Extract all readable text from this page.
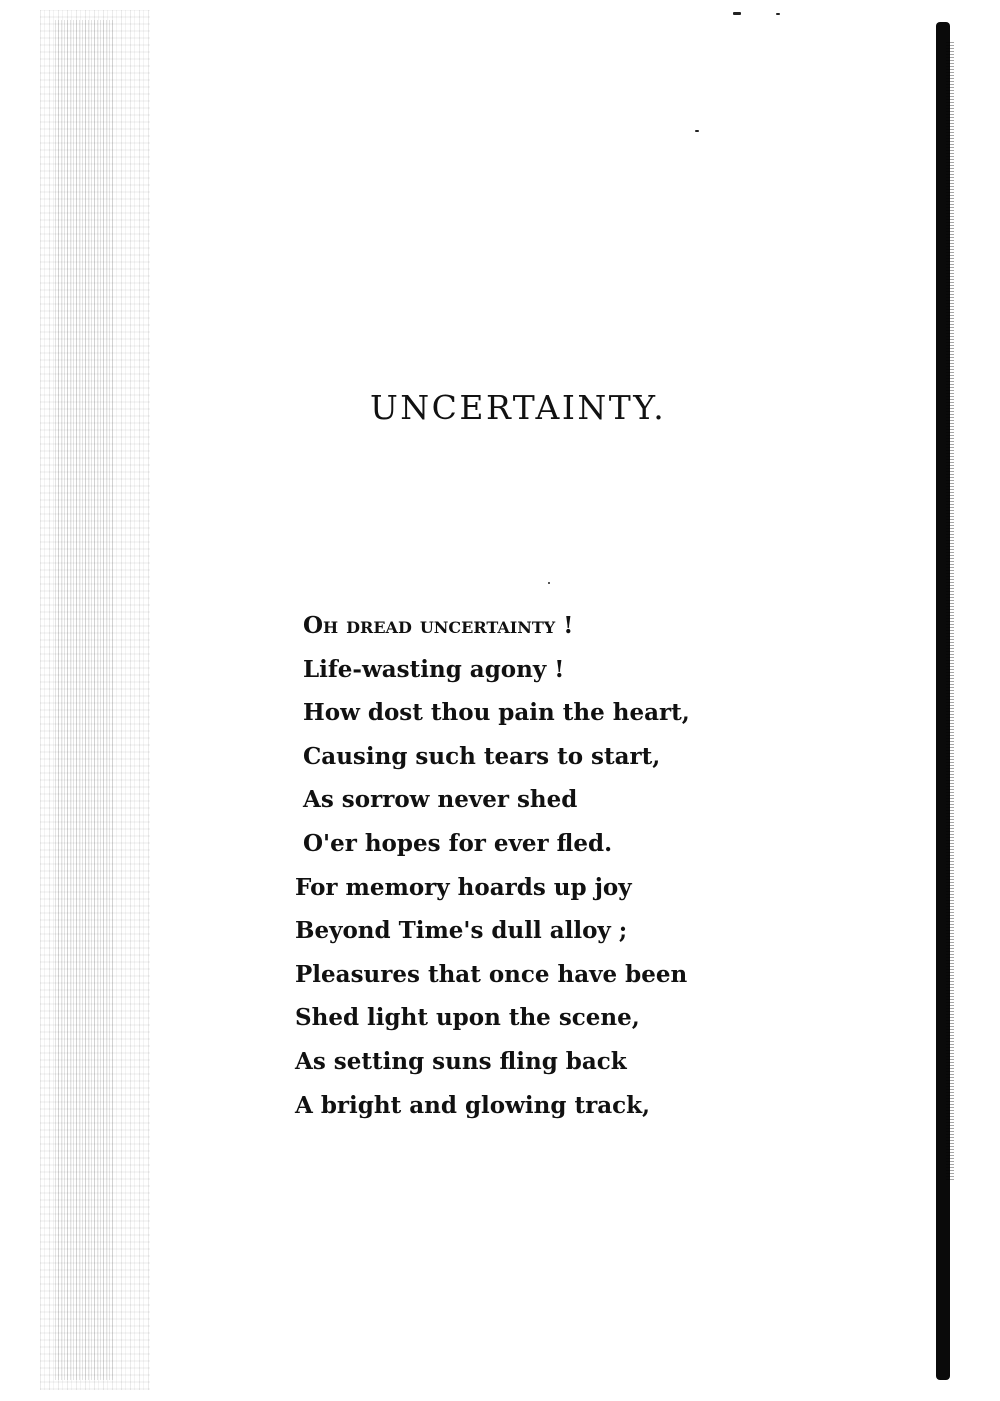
UNCERTAINTY.
Oh dread uncertainty !
Life-wasting agony !
How dost thou pain the heart,
Causing such tears to start,
As sorrow never shed
O'er hopes for ever fled.
For memory hoards up joy
Beyond Time's dull alloy ;
Pleasures that once have been
Shed light upon the scene,
As setting suns fling back
A bright and glowing track,
